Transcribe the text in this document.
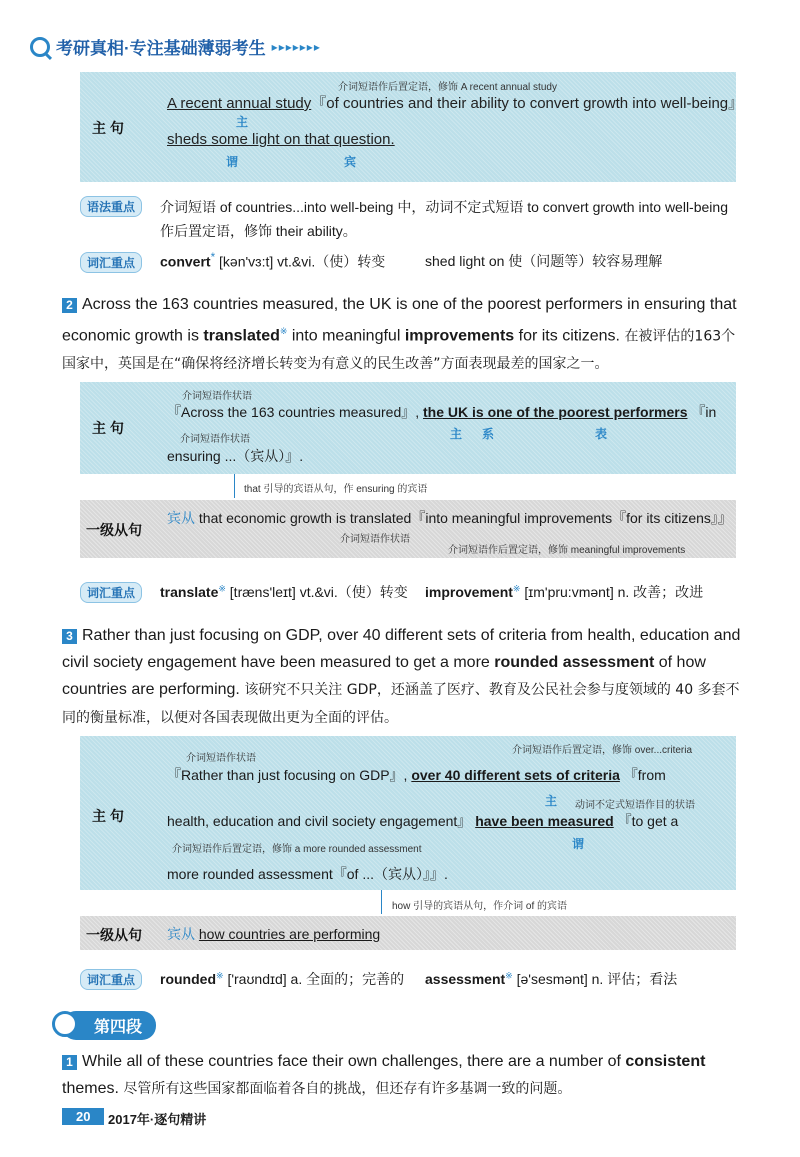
考研真相·专注基础薄弱考生 ▸▸▸▸▸▸▸
主 句
介词短语作后置定语，修饰 A recent annual study
A recent annual study『of countries and their ability to convert growth into well-being』
主
sheds some light on that question.
谓	宾
语法重点	介词短语 of countries...into well-being 中，动词不定式短语 to convert growth into well-being 作后置定语，修饰 their ability。
词汇重点	convert* [kən'vɜ:t] vt.&vi.（使）转变	shed light on 使（问题等）较容易理解
2 Across the 163 countries measured, the UK is one of the poorest performers in ensuring that economic growth is translated※ into meaningful improvements for its citizens. 在被评估的163个国家中，英国是在“确保将经济增长转变为有意义的民生改善”方面表现最差的国家之一。
主 句
介词短语作状语
『Across the 163 countries measured』, the UK is one of the poorest performers 『in
主 系	表
介词短语作状语
ensuring ...（宾从）』.
that 引导的宾语从句，作 ensuring 的宾语
一级从句
宾从 that economic growth is translated『into meaningful improvements『for its citizens』』
介词短语作状语
介词短语作后置定语，修饰 meaningful improvements
词汇重点	translate※ [træns'leɪt] vt.&vi.（使）转变 improvement※ [ɪm'pru:vmənt] n. 改善；改进
3 Rather than just focusing on GDP, over 40 different sets of criteria from health, education and civil society engagement have been measured to get a more rounded assessment of how countries are performing. 该研究不只关注 GDP，还涵盖了医疗、教育及公民社会参与度领域的 40 多套不同的衡量标准，以便对各国表现做出更为全面的评估。
主 句
介词短语作状语
介词短语作后置定语，修饰 over...criteria
『Rather than just focusing on GDP』, over 40 different sets of criteria 『from
主 动词不定式短语作目的状语
health, education and civil society engagement』 have been measured 『to get a
谓
介词短语作后置定语，修饰 a more rounded assessment
more rounded assessment『of ...（宾从）』』.
how 引导的宾语从句，作介词 of 的宾语
一级从句 宾从 how countries are performing
词汇重点	rounded※ ['raʊndɪd] a. 全面的；完善的 assessment※ [ə'sesmənt] n. 评估；看法
第四段
1 While all of these countries face their own challenges, there are a number of consistent themes. 尽管所有这些国家都面临着各自的挑战，但还存有许多基调一致的问题。
20	2017年·逐句精讲
